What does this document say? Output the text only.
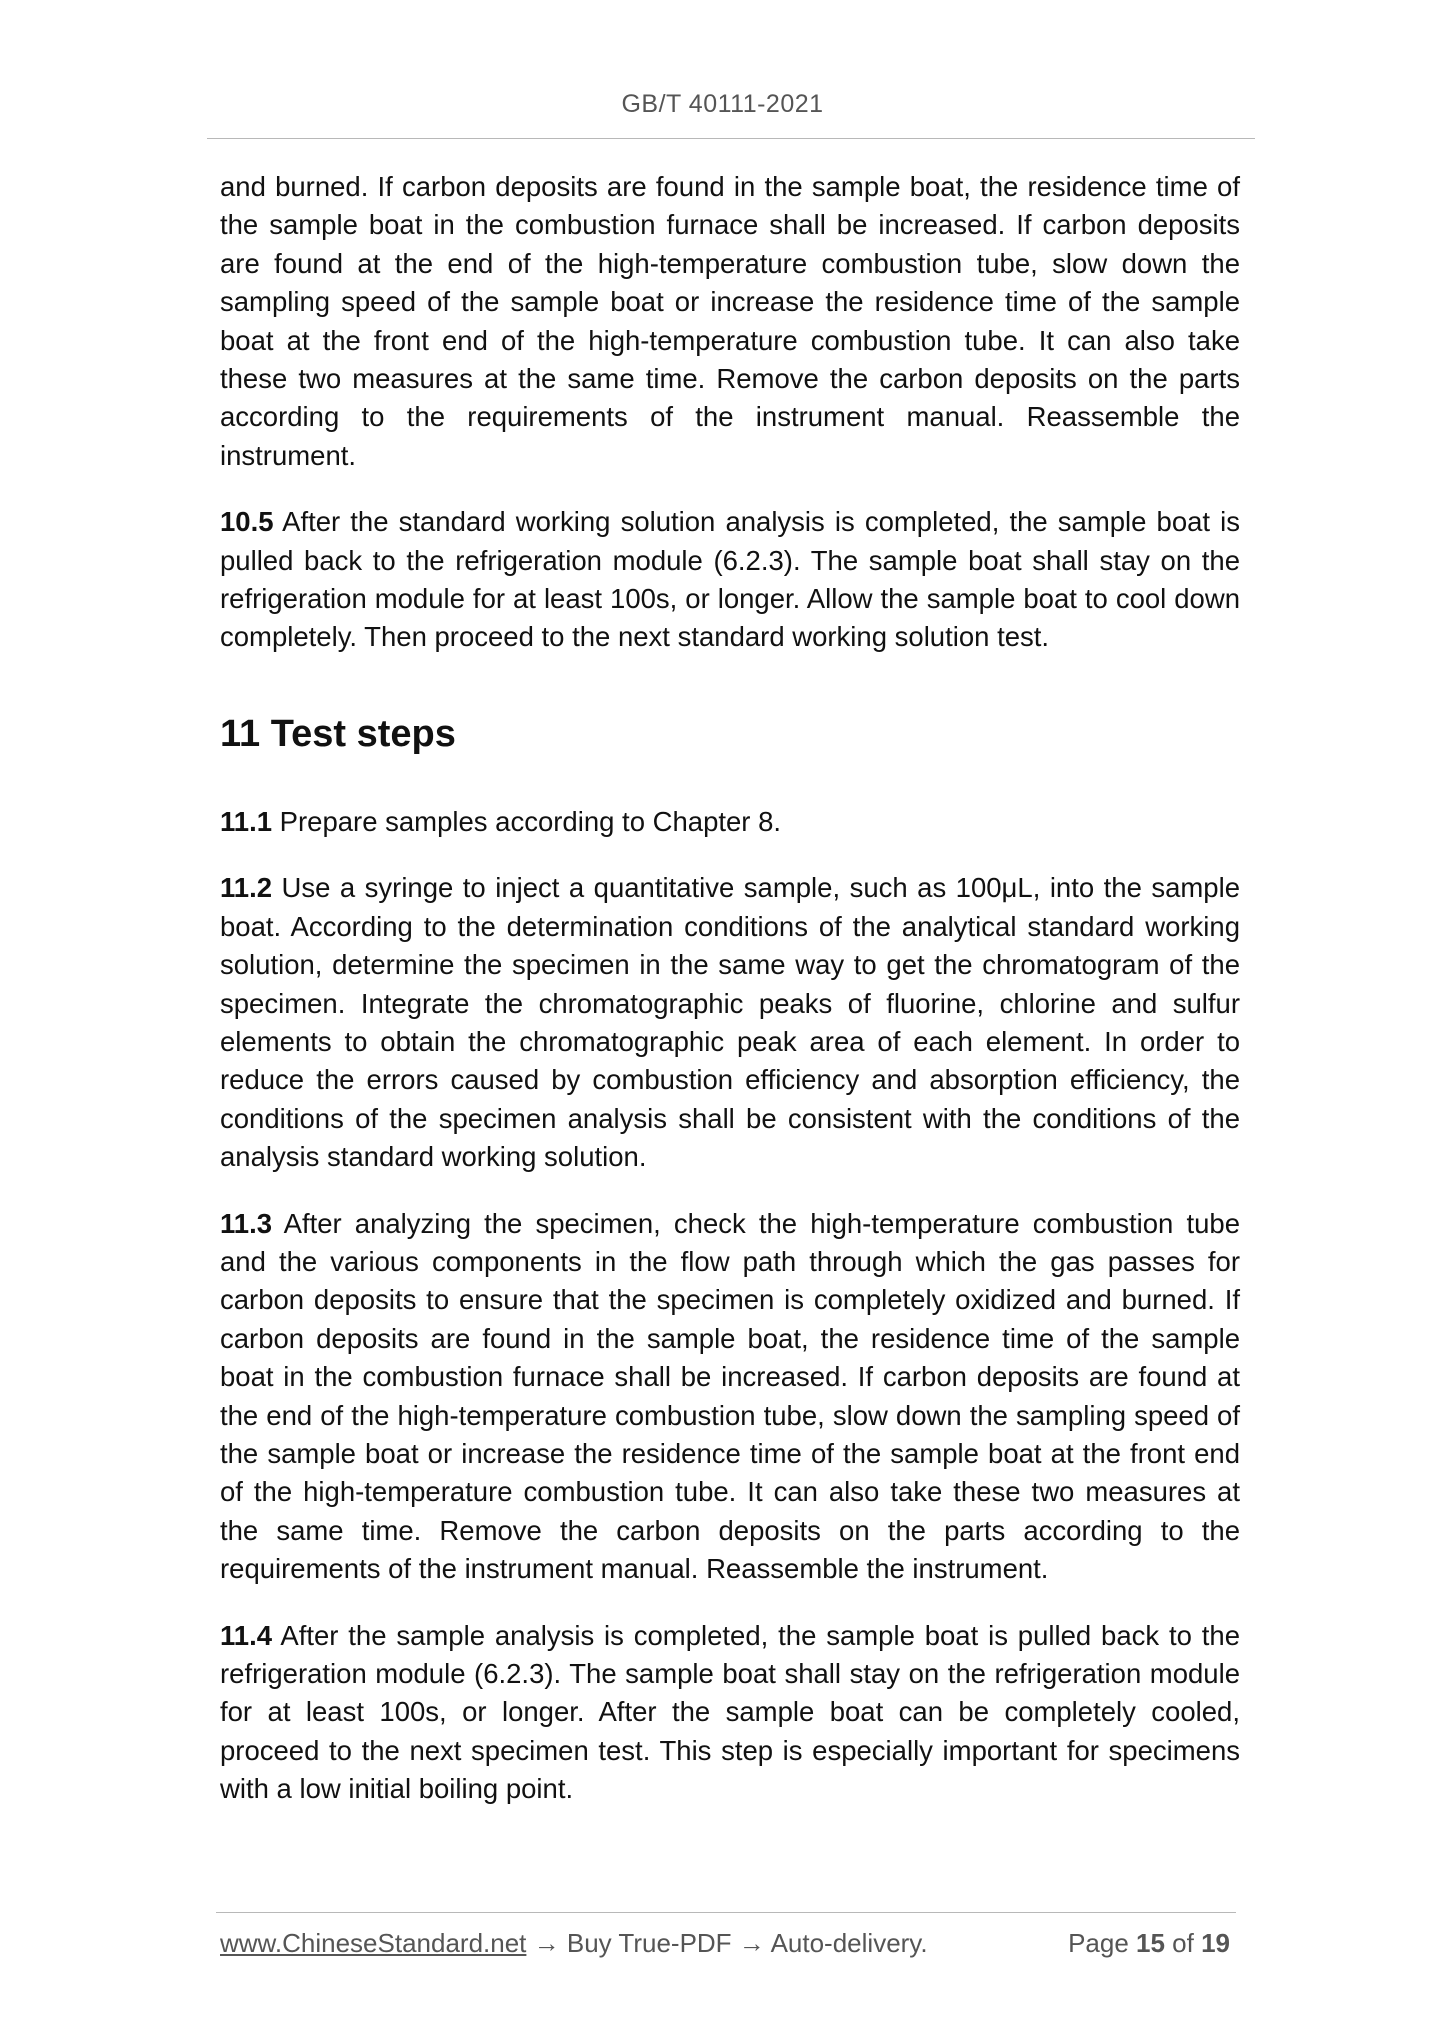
GB/T 40111-2021

and burned. If carbon deposits are found in the sample boat, the residence time of the sample boat in the combustion furnace shall be increased. If carbon deposits are found at the end of the high-temperature combustion tube, slow down the sampling speed of the sample boat or increase the residence time of the sample boat at the front end of the high-temperature combustion tube. It can also take these two measures at the same time. Remove the carbon deposits on the parts according to the requirements of the instrument manual. Reassemble the instrument.

10.5 After the standard working solution analysis is completed, the sample boat is pulled back to the refrigeration module (6.2.3). The sample boat shall stay on the refrigeration module for at least 100s, or longer. Allow the sample boat to cool down completely. Then proceed to the next standard working solution test.

11 Test steps

11.1 Prepare samples according to Chapter 8.

11.2 Use a syringe to inject a quantitative sample, such as 100μL, into the sample boat. According to the determination conditions of the analytical standard working solution, determine the specimen in the same way to get the chromatogram of the specimen. Integrate the chromatographic peaks of fluorine, chlorine and sulfur elements to obtain the chromatographic peak area of each element. In order to reduce the errors caused by combustion efficiency and absorption efficiency, the conditions of the specimen analysis shall be consistent with the conditions of the analysis standard working solution.

11.3 After analyzing the specimen, check the high-temperature combustion tube and the various components in the flow path through which the gas passes for carbon deposits to ensure that the specimen is completely oxidized and burned. If carbon deposits are found in the sample boat, the residence time of the sample boat in the combustion furnace shall be increased. If carbon deposits are found at the end of the high-temperature combustion tube, slow down the sampling speed of the sample boat or increase the residence time of the sample boat at the front end of the high-temperature combustion tube. It can also take these two measures at the same time. Remove the carbon deposits on the parts according to the requirements of the instrument manual. Reassemble the instrument.

11.4 After the sample analysis is completed, the sample boat is pulled back to the refrigeration module (6.2.3). The sample boat shall stay on the refrigeration module for at least 100s, or longer. After the sample boat can be completely cooled, proceed to the next specimen test. This step is especially important for specimens with a low initial boiling point.

www.ChineseStandard.net → Buy True-PDF → Auto-delivery.	Page 15 of 19
